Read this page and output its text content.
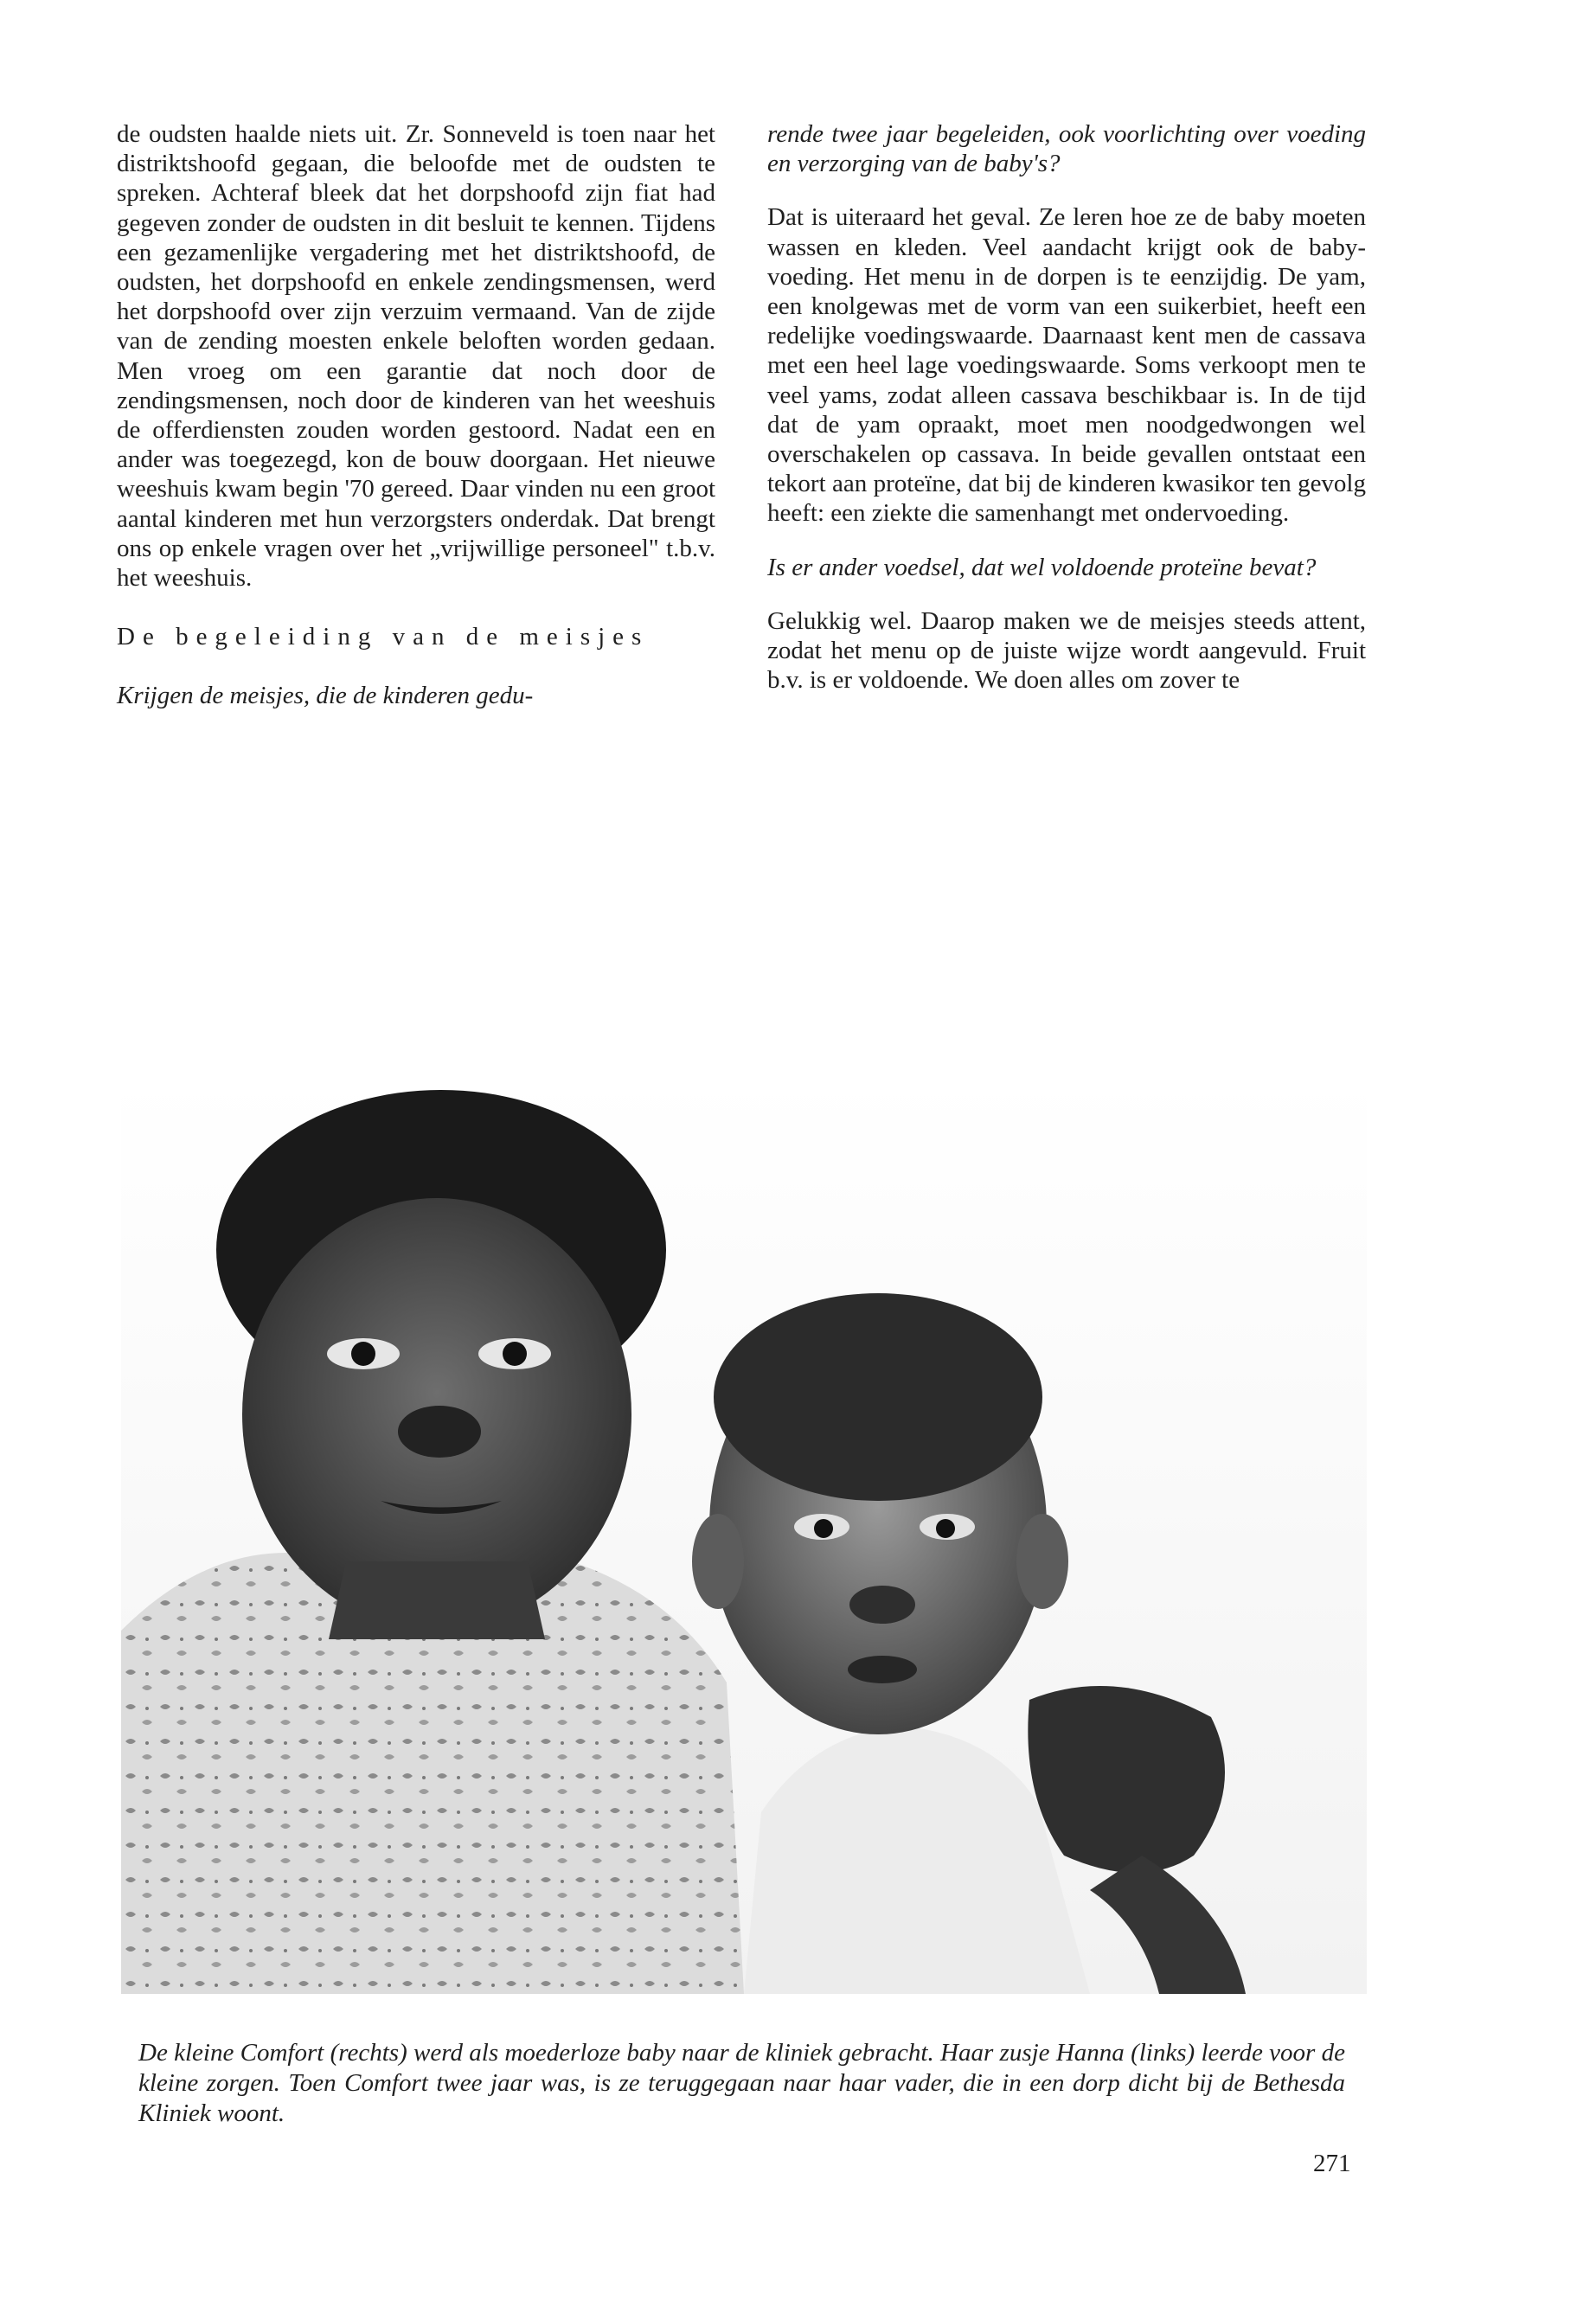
de oudsten haalde niets uit. Zr. Sonneveld is toen naar het distriktshoofd gegaan, die beloofde met de oudsten te spreken. Achteraf bleek dat het dorpshoofd zijn fiat had gegeven zonder de oudsten in dit besluit te kennen. Tijdens een gezamenlijke vergadering met het distriktshoofd, de oudsten, het dorpshoofd en enkele zendingsmensen, werd het dorpshoofd over zijn verzuim vermaand. Van de zijde van de zending moesten enkele beloften worden gedaan. Men vroeg om een garantie dat noch door de zendingsmensen, noch door de kinderen van het weeshuis de offerdiensten zouden worden gestoord. Nadat een en ander was toegezegd, kon de bouw doorgaan. Het nieuwe weeshuis kwam begin '70 gereed. Daar vinden nu een groot aantal kinderen met hun verzorgsters onderdak. Dat brengt ons op enkele vragen over het „vrijwillige personeel" t.b.v. het weeshuis.

De begeleiding van de meisjes

Krijgen de meisjes, die de kinderen gedu-

rende twee jaar begeleiden, ook voorlichting over voeding en verzorging van de baby's?

Dat is uiteraard het geval. Ze leren hoe ze de baby moeten wassen en kleden. Veel aandacht krijgt ook de baby-voeding. Het menu in de dorpen is te eenzijdig. De yam, een knolgewas met de vorm van een suikerbiet, heeft een redelijke voedingswaarde. Daarnaast kent men de cassava met een heel lage voedingswaarde. Soms verkoopt men te veel yams, zodat alleen cassava beschikbaar is. In de tijd dat de yam opraakt, moet men noodgedwongen wel overschakelen op cassava. In beide gevallen ontstaat een tekort aan proteïne, dat bij de kinderen kwasikor ten gevolg heeft: een ziekte die samenhangt met ondervoeding.

Is er ander voedsel, dat wel voldoende proteïne bevat?

Gelukkig wel. Daarop maken we de meisjes steeds attent, zodat het menu op de juiste wijze wordt aangevuld. Fruit b.v. is er voldoende. We doen alles om zover te

De kleine Comfort (rechts) werd als moederloze baby naar de kliniek gebracht. Haar zusje Hanna (links) leerde voor de kleine zorgen. Toen Comfort twee jaar was, is ze teruggegaan naar haar vader, die in een dorp dicht bij de Bethesda Kliniek woont.

271
